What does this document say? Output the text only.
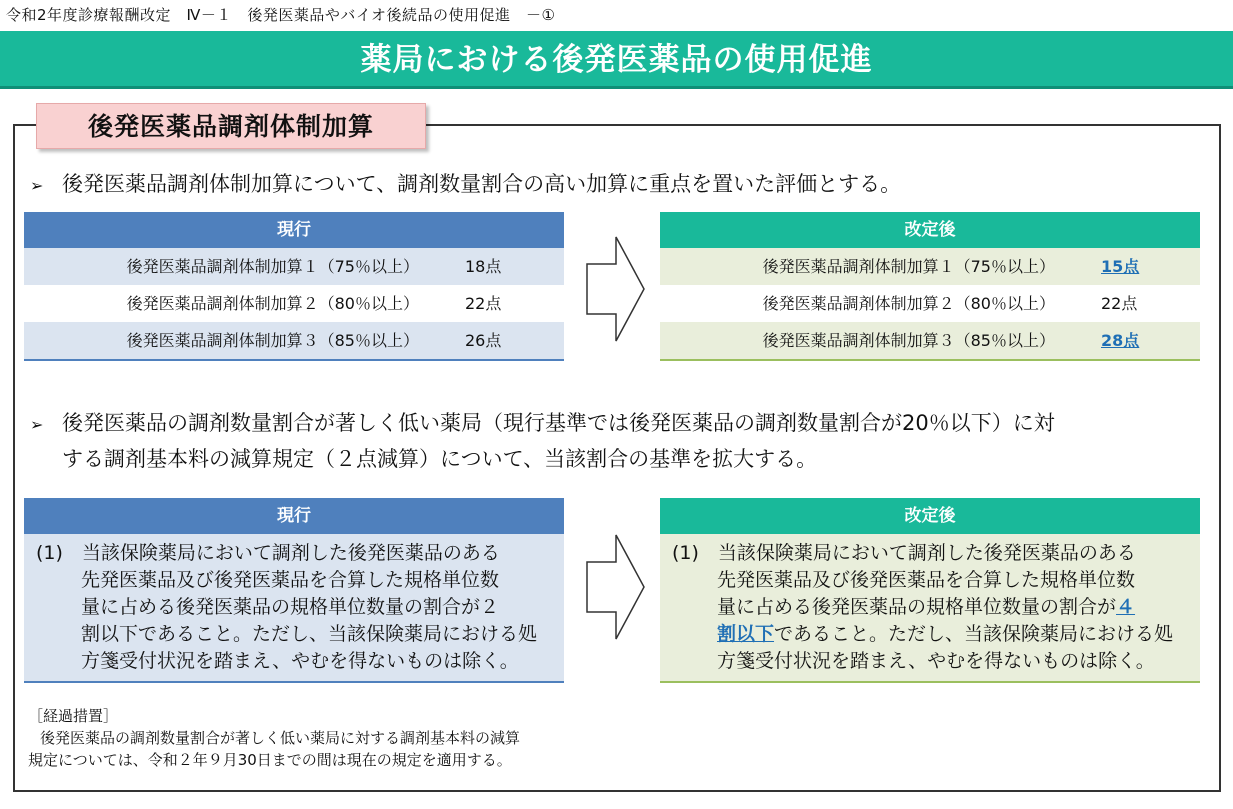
令和2年度診療報酬改定　Ⅳ－１　後発医薬品やバイオ後続品の使用促進　－①
薬局における後発医薬品の使用促進
後発医薬品調剤体制加算
➢ 後発医薬品調剤体制加算について、調剤数量割合の高い加算に重点を置いた評価とする。
現行
後発医薬品調剤体制加算１（75％以上）	18点
後発医薬品調剤体制加算２（80％以上）	22点
後発医薬品調剤体制加算３（85％以上）	26点
改定後
後発医薬品調剤体制加算１（75％以上）	15点
後発医薬品調剤体制加算２（80％以上）	22点
後発医薬品調剤体制加算３（85％以上）	28点
➢ 後発医薬品の調剤数量割合が著しく低い薬局（現行基準では後発医薬品の調剤数量割合が20％以下）に対
する調剤基本料の減算規定（２点減算）について、当該割合の基準を拡大する。
現行
(1)　当該保険薬局において調剤した後発医薬品のある
先発医薬品及び後発医薬品を合算した規格単位数
量に占める後発医薬品の規格単位数量の割合が２
割以下であること。ただし、当該保険薬局における処
方箋受付状況を踏まえ、やむを得ないものは除く。
改定後
(1)　当該保険薬局において調剤した後発医薬品のある
先発医薬品及び後発医薬品を合算した規格単位数
量に占める後発医薬品の規格単位数量の割合が４
割以下であること。ただし、当該保険薬局における処
方箋受付状況を踏まえ、やむを得ないものは除く。
［経過措置］
後発医薬品の調剤数量割合が著しく低い薬局に対する調剤基本料の減算
規定については、令和２年９月30日までの間は現在の規定を適用する。
